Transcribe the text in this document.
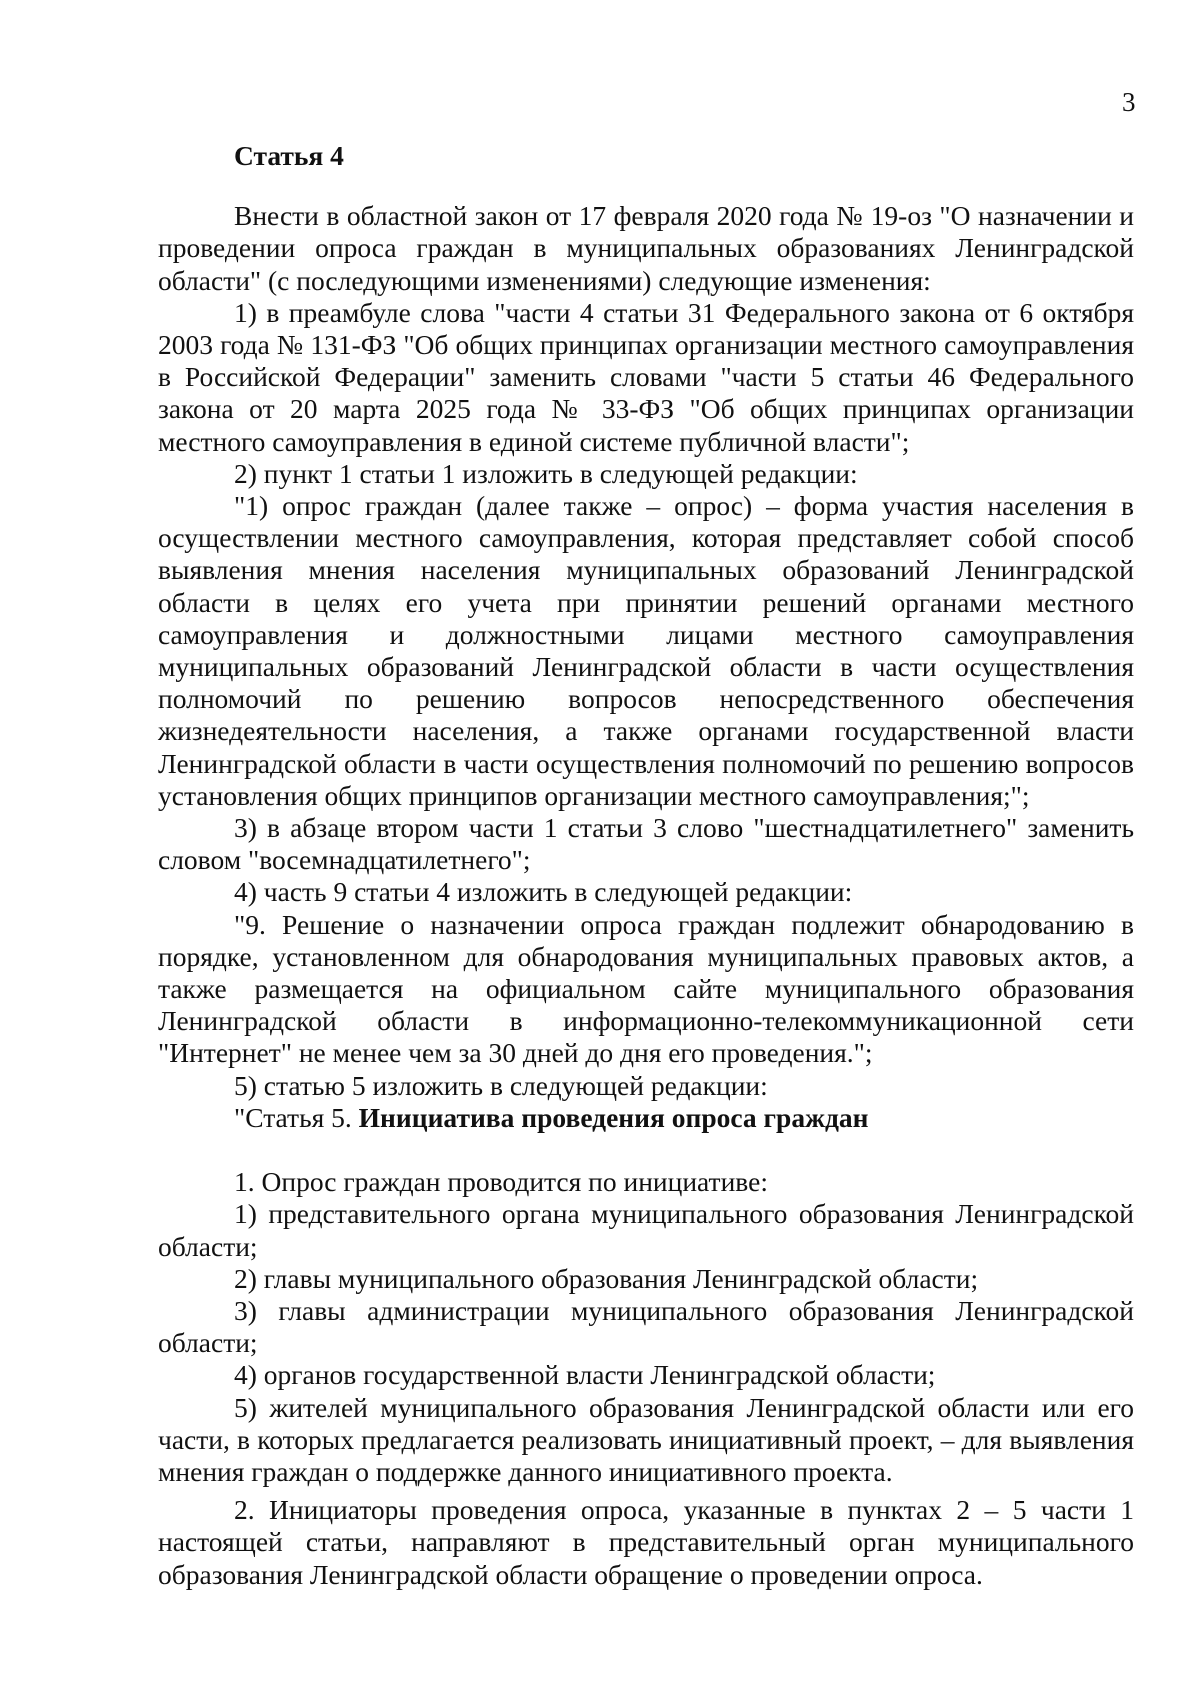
3

Статья 4

Внести в областной закон от 17 февраля 2020 года № 19-оз "О назначении и проведении опроса граждан в муниципальных образованиях Ленинградской области" (с последующими изменениями) следующие изменения:

1) в преамбуле слова "части 4 статьи 31 Федерального закона от 6 октября 2003 года № 131-ФЗ "Об общих принципах организации местного самоуправления в Российской Федерации" заменить словами "части 5 статьи 46 Федерального закона от 20 марта 2025 года № 33-ФЗ "Об общих принципах организации местного самоуправления в единой системе публичной власти";

2) пункт 1 статьи 1 изложить в следующей редакции:

"1) опрос граждан (далее также – опрос) – форма участия населения в осуществлении местного самоуправления, которая представляет собой способ выявления мнения населения муниципальных образований Ленинградской области в целях его учета при принятии решений органами местного самоуправления и должностными лицами местного самоуправления муниципальных образований Ленинградской области в части осуществления полномочий по решению вопросов непосредственного обеспечения жизнедеятельности населения, а также органами государственной власти Ленинградской области в части осуществления полномочий по решению вопросов установления общих принципов организации местного самоуправления;";

3) в абзаце втором части 1 статьи 3 слово "шестнадцатилетнего" заменить словом "восемнадцатилетнего";

4) часть 9 статьи 4 изложить в следующей редакции:

"9. Решение о назначении опроса граждан подлежит обнародованию в порядке, установленном для обнародования муниципальных правовых актов, а также размещается на официальном сайте муниципального образования Ленинградской области в информационно-телекоммуникационной сети "Интернет" не менее чем за 30 дней до дня его проведения.";

5) статью 5 изложить в следующей редакции:

"Статья 5. Инициатива проведения опроса граждан

1. Опрос граждан проводится по инициативе:

1) представительного органа муниципального образования Ленинградской области;

2) главы муниципального образования Ленинградской области;

3) главы администрации муниципального образования Ленинградской области;

4) органов государственной власти Ленинградской области;

5) жителей муниципального образования Ленинградской области или его части, в которых предлагается реализовать инициативный проект, – для выявления мнения граждан о поддержке данного инициативного проекта.

2. Инициаторы проведения опроса, указанные в пунктах 2 – 5 части 1 настоящей статьи, направляют в представительный орган муниципального образования Ленинградской области обращение о проведении опроса.
